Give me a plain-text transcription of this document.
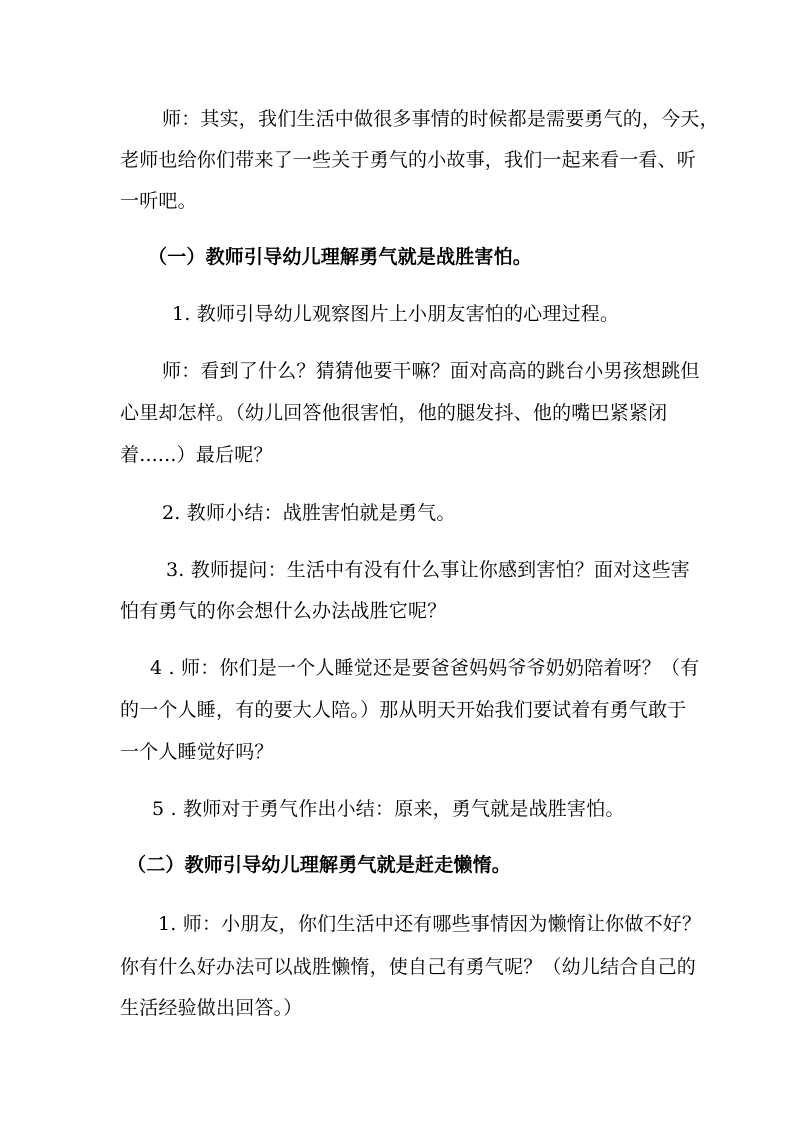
师：其实，我们生活中做很多事情的时候都是需要勇气的，今天，
老师也给你们带来了一些关于勇气的小故事，我们一起来看一看、听
一听吧。
（一）教师引导幼儿理解勇气就是战胜害怕。
1. 教师引导幼儿观察图片上小朋友害怕的心理过程。
师：看到了什么？猜猜他要干嘛？面对高高的跳台小男孩想跳但
心里却怎样。（幼儿回答他很害怕，他的腿发抖、他的嘴巴紧紧闭
着......）最后呢？
2. 教师小结：战胜害怕就是勇气。
3. 教师提问：生活中有没有什么事让你感到害怕？面对这些害
怕有勇气的你会想什么办法战胜它呢？
4 . 师：你们是一个人睡觉还是要爸爸妈妈爷爷奶奶陪着呀？（有
的一个人睡，有的要大人陪。）那从明天开始我们要试着有勇气敢于
一个人睡觉好吗？
5 . 教师对于勇气作出小结：原来，勇气就是战胜害怕。
（二）教师引导幼儿理解勇气就是赶走懒惰。
1. 师：小朋友，你们生活中还有哪些事情因为懒惰让你做不好？
你有什么好办法可以战胜懒惰，使自己有勇气呢？（幼儿结合自己的
生活经验做出回答。）
